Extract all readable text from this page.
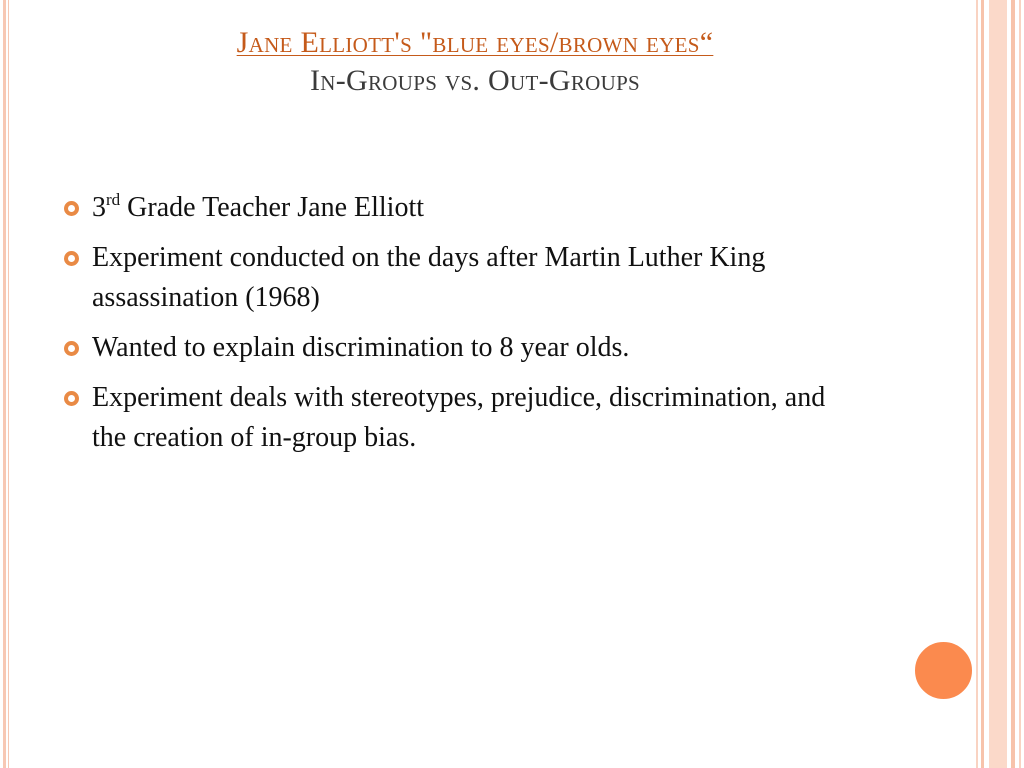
Jane Elliott's "blue eyes/brown eyes“
In-Groups vs. Out-Groups
3rd Grade Teacher Jane Elliott
Experiment conducted on the days after Martin Luther King assassination (1968)
Wanted to explain discrimination to 8 year olds.
Experiment deals with stereotypes, prejudice, discrimination, and the creation of in-group bias.
